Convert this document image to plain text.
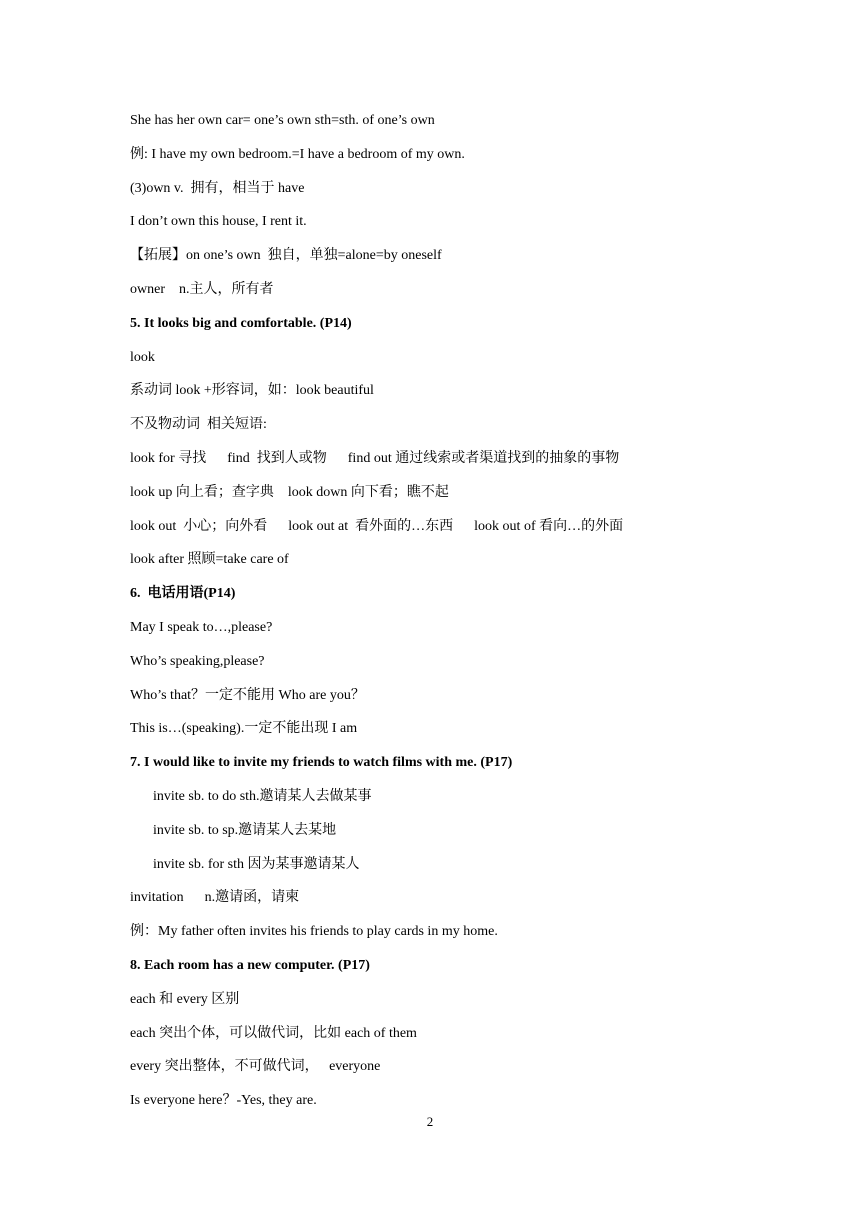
She has her own car= one’s own sth=sth. of one’s own
例: I have my own bedroom.=I have a bedroom of my own.
(3)own v.  拥有，相当于 have
I don’t own this house, I rent it.
【拓展】on one’s own  独自，单独=alone=by oneself
owner    n.主人，所有者
5. It looks big and comfortable. (P14)
look
系动词 look +形容词，如：look beautiful
不及物动词  相关短语:
look for 寻找      find  找到人或物      find out 通过线索或者渠道找到的抽象的事物
look up 向上看；查字典    look down 向下看；瞧不起
look out  小心；向外看      look out at  看外面的…东西      look out of 看向…的外面
look after 照顾=take care of
6.  电话用语(P14)
May I speak to…,please?
Who’s speaking,please?
Who’s that？一定不能用 Who are you？
This is…(speaking).一定不能出现 I am
7. I would like to invite my friends to watch films with me. (P17)
invite sb. to do sth.邀请某人去做某事
invite sb. to sp.邀请某人去某地
invite sb. for sth 因为某事邀请某人
invitation      n.邀请函，请柬
例：My father often invites his friends to play cards in my home.
8. Each room has a new computer. (P17)
each 和 every 区别
each 突出个体，可以做代词，比如 each of them
every 突出整体，不可做代词，   everyone
Is everyone here？-Yes, they are.
2
